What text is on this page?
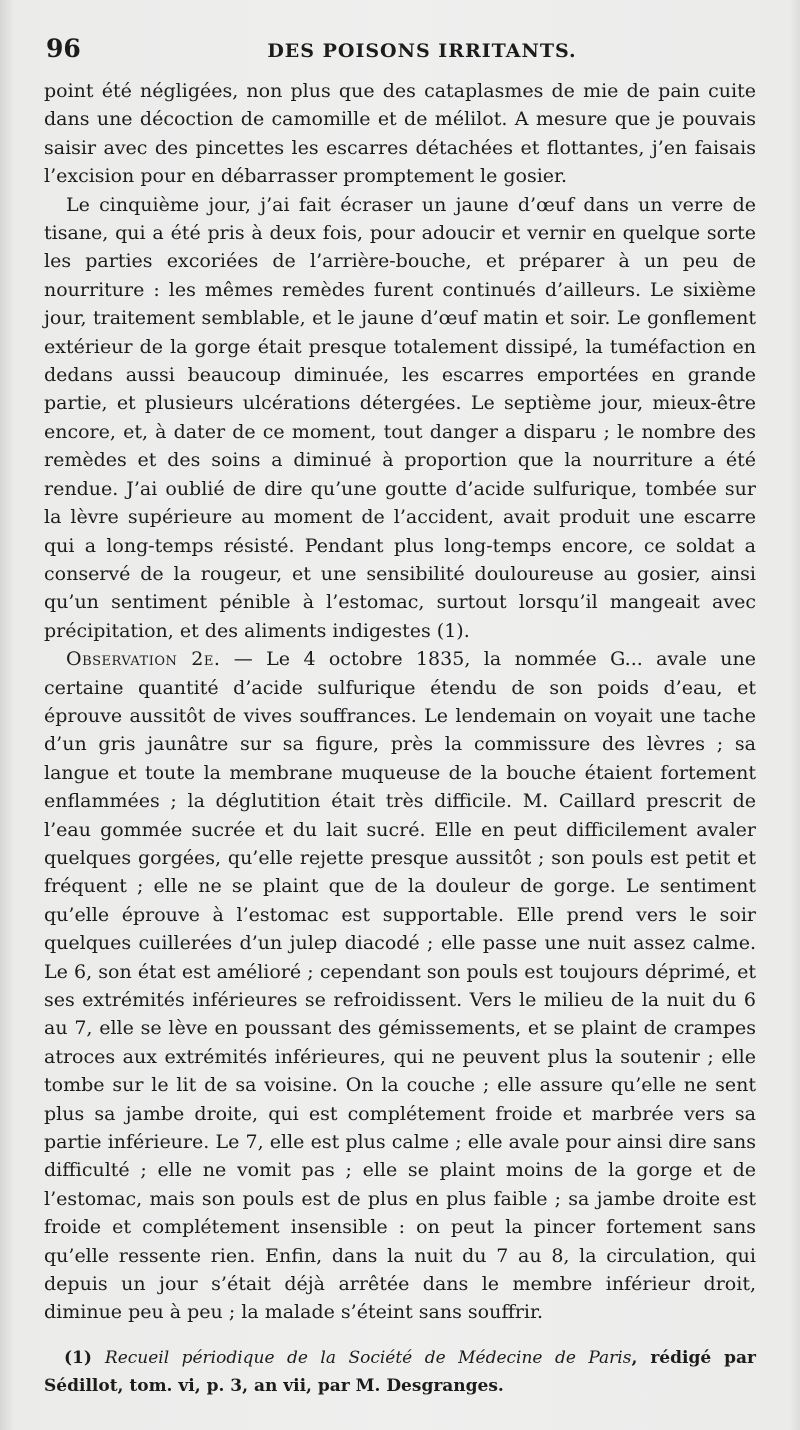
96	DES POISONS IRRITANTS.

point été négligées, non plus que des cataplasmes de mie de pain cuite dans une décoction de camomille et de mélilot. A mesure que je pouvais saisir avec des pincettes les escarres détachées et flottantes, j’en faisais l’excision pour en débarrasser promptement le gosier.

Le cinquième jour, j’ai fait écraser un jaune d’œuf dans un verre de tisane, qui a été pris à deux fois, pour adoucir et vernir en quelque sorte les parties excoriées de l’arrière-bouche, et préparer à un peu de nourriture : les mêmes remèdes furent continués d’ailleurs. Le sixième jour, traitement semblable, et le jaune d’œuf matin et soir. Le gonflement extérieur de la gorge était presque totalement dissipé, la tuméfaction en dedans aussi beaucoup diminuée, les escarres emportées en grande partie, et plusieurs ulcérations détergées. Le septième jour, mieux-être encore, et, à dater de ce moment, tout danger a disparu ; le nombre des remèdes et des soins a diminué à proportion que la nourriture a été rendue. J’ai oublié de dire qu’une goutte d’acide sulfurique, tombée sur la lèvre supérieure au moment de l’accident, avait produit une escarre qui a long-temps résisté. Pendant plus long-temps encore, ce soldat a conservé de la rougeur, et une sensibilité douloureuse au gosier, ainsi qu’un sentiment pénible à l’estomac, surtout lorsqu’il mangeait avec précipitation, et des aliments indigestes (1).

Observation 2e. — Le 4 octobre 1835, la nommée G... avale une certaine quantité d’acide sulfurique étendu de son poids d’eau, et éprouve aussitôt de vives souffrances. Le lendemain on voyait une tache d’un gris jaunâtre sur sa figure, près la commissure des lèvres ; sa langue et toute la membrane muqueuse de la bouche étaient fortement enflammées ; la déglutition était très difficile. M. Caillard prescrit de l’eau gommée sucrée et du lait sucré. Elle en peut difficilement avaler quelques gorgées, qu’elle rejette presque aussitôt ; son pouls est petit et fréquent ; elle ne se plaint que de la douleur de gorge. Le sentiment qu’elle éprouve à l’estomac est supportable. Elle prend vers le soir quelques cuillerées d’un julep diacodé ; elle passe une nuit assez calme. Le 6, son état est amélioré ; cependant son pouls est toujours déprimé, et ses extrémités inférieures se refroidissent. Vers le milieu de la nuit du 6 au 7, elle se lève en poussant des gémissements, et se plaint de crampes atroces aux extrémités inférieures, qui ne peuvent plus la soutenir ; elle tombe sur le lit de sa voisine. On la couche ; elle assure qu’elle ne sent plus sa jambe droite, qui est complétement froide et marbrée vers sa partie inférieure. Le 7, elle est plus calme ; elle avale pour ainsi dire sans difficulté ; elle ne vomit pas ; elle se plaint moins de la gorge et de l’estomac, mais son pouls est de plus en plus faible ; sa jambe droite est froide et complétement insensible : on peut la pincer fortement sans qu’elle ressente rien. Enfin, dans la nuit du 7 au 8, la circulation, qui depuis un jour s’était déjà arrêtée dans le membre inférieur droit, diminue peu à peu ; la malade s’éteint sans souffrir.

(1) Recueil périodique de la Société de Médecine de Paris, rédigé par Sédillot, tom. vi, p. 3, an vii, par M. Desgranges.
